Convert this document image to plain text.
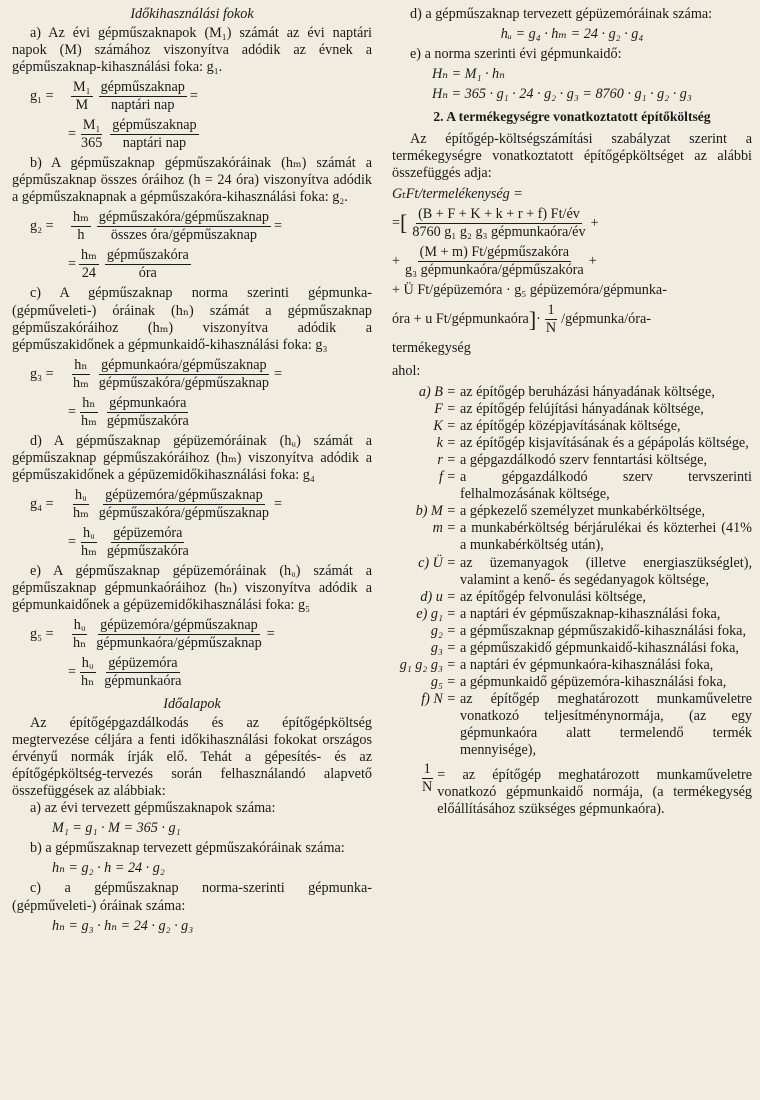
Időkihasználási fokok

a) Az évi gépműszaknapok (M₁) számát az évi naptári napok (M) számához viszonyítva adódik az évnek a gépműszaknap-kihasználási foka: g₁.

g₁ =	$\frac{\text{M₁}}{M} \frac{\text{gépműszaknap}}{\text{naptári nap}}$ =
= $\frac{\text{M₁}}{365} \frac{\text{gépműszaknap}}{\text{naptári nap}}$

b) A gépműszaknap gépműszakóráinak (hₘ) számát a gépműszaknap összes óráihoz (h = 24 óra) viszonyítva adódik a gépműszaknapnak a gépműszakóra-kihasználási foka: g₂.

g₂ =	$\frac{\text{hₘ}}{h} \frac{\text{gépműszakóra/gépműszaknap}}{\text{összes óra/gépműszaknap}}$ =
= $\frac{\text{hₘ}}{24} \frac{\text{gépműszakóra}}{\text{óra}}$

c) A gépműszaknap norma szerinti gépmunka- (gépműveleti-) óráinak (hₙ) számát a gépműszaknap gépműszakóráihoz (hₘ) viszonyítva adódik a gépműszakidőnek a gépmunkaidő-kihasználási foka: g₃

g₃ =	$\frac{\text{hₙ}}{\text{hₘ}} \frac{\text{gépmunkaóra/gépműszaknap}}{\text{gépműszakóra/gépműszaknap}}$ =
= $\frac{\text{hₙ}}{\text{hₘ}} \frac{\text{gépmunkaóra}}{\text{gépműszakóra}}$

d) A gépműszaknap gépüzemóráinak (hᵤ) számát a gépműszaknap gépműszakóráihoz (hₘ) viszonyítva adódik a gépműszakidőnek a gépüzemidőkihasználási foka: g₄

g₄ =	$\frac{\text{hᵤ}}{\text{hₘ}} \frac{\text{gépüzemóra/gépműszaknap}}{\text{gépműszakóra/gépműszaknap}}$ =
= $\frac{\text{hᵤ}}{\text{hₘ}} \frac{\text{gépüzemóra}}{\text{gépműszakóra}}$

e) A gépműszaknap gépüzemóráinak (hᵤ) számát a gépműszaknap gépmunkaóráihoz (hₙ) viszonyítva adódik a gépmunkaidőnek a gépüzemidőkihasználási foka: g₅

g₅ =	$\frac{\text{hᵤ}}{\text{hₙ}} \frac{\text{gépüzemóra/gépműszaknap}}{\text{gépmunkaóra/gépműszaknap}}$ =
= $\frac{\text{hᵤ}}{\text{hₙ}} \frac{\text{gépüzemóra}}{\text{gépmunkaóra}}$

Időalapok

Az építőgépgazdálkodás és az építőgépköltség megtervezése céljára a fenti időkihasználási fokokat országos érvényű normák írják elő. Tehát a gépesítés- és az építőgépköltség-tervezés során felhasználandó alapvető összefüggések az alábbiak:

a) az évi tervezett gépműszaknapok száma:

M₁ = g₁ · M = 365 · g₁

b) a gépműszaknap tervezett gépműszakóráinak száma:

hₙ = g₂ · h = 24 · g₂

c) a gépműszaknap norma-szerinti gépmunka- (gépműveleti-) óráinak száma:

hₙ = g₃ · hₙ = 24 · g₂ · g₃

d) a gépműszaknap tervezett gépüzemóráinak száma:

hᵤ = g₄ · hₘ = 24 · g₂ · g₄

e) a norma szerinti évi gépmunkaidő:

Hₙ = M₁ · hₙ

Hₙ = 365 · g₁ · 24 · g₂ · g₃ = 8760 · g₁ · g₂ · g₃

2. A termékegységre vonatkoztatott építőköltség

Az építőgép-költségszámítási szabályzat szerint a termékegységre vonatkoztatott építőgépköltséget az alábbi összefüggés adja:

GₜFt/termelékenység =

= [ $\frac{(B + F + K + k + r + f) Ft/év}{\text{8760 g₁ g₂ g₃ gépmunkaóra/év}}$ +
+ $\frac{\text{(M + m) Ft/gépműszakóra}}{\text{g₃ gépmunkaóra/gépműszakóra}}$ +

+ Ü Ft/gépüzemóra · g₅ gépüzemóra/gépmunka-

óra + u Ft/gépmunkaóra ] · $\frac{1}{N}$ /gépmunka/óra-

termékegység

ahol:

a) B = az építőgép beruházási hányadának költsége,
F = az építőgép felújítási hányadának költsége,
K = az építőgép középjavításának költsége,
k = az építőgép kisjavításának és a gépápolás költsége,
r = a gépgazdálkodó szerv fenntartási költsége,
f = a gépgazdálkodó szerv tervszerinti felhalmozásának költsége,
b) M = a gépkezelő személyzet munkabérköltsége,
m = a munkabérköltség bérjárulékai és közterhei (41% a munkabérköltség után),
c) Ü = az üzemanyagok (illetve energiaszükséglet), valamint a kenő- és segédanyagok költsége,
d) u = az építőgép felvonulási költsége,
e) g₁ = a naptári év gépműszaknap-kihasználási foka,
g₂ = a gépműszaknap gépműszakidő-kihasználási foka,
g₃ = a gépműszakidő gépmunkaidő-kihasználási foka,
g₁ g₂ g₃ = a naptári év gépmunkaóra-kihasználási foka,
g₅ = a gépmunkaidő gépüzemóra-kihasználási foka,
f) N = az építőgép meghatározott munkaműveletre vonatkozó teljesítménynormája, (az egy gépmunkaóra alatt termelendő termék mennyisége),
$\frac{1}{N}$ = az építőgép meghatározott munkaműveletre vonatkozó gépmunkaidő normája, (a termékegység előállításához szükséges gépmunkaóra).
